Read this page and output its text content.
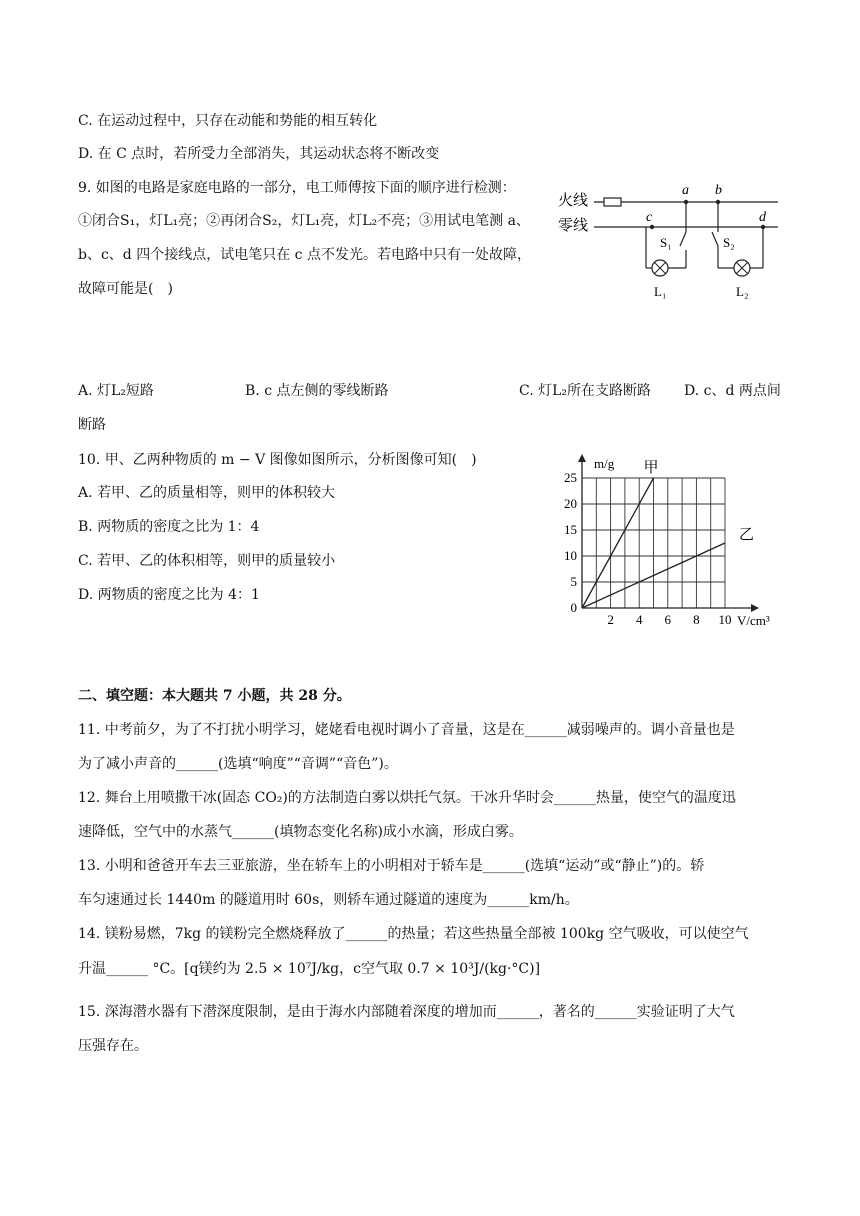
C. 在运动过程中，只存在动能和势能的相互转化
D. 在 C 点时，若所受力全部消失，其运动状态将不断改变
9. 如图的电路是家庭电路的一部分，电工师傅按下面的顺序进行检测：
①闭合S₁，灯L₁亮；②再闭合S₂，灯L₁亮，灯L₂不亮；③用试电笔测 a、
b、c、d 四个接线点，试电笔只在 c 点不发光。若电路中只有一处故障，
故障可能是(　)
火线
零线
a b
c	d
S₁
L₁
S₂
L₂
A. 灯L₂短路	B. c 点左侧的零线断路	C. 灯L₂所在支路断路 D. c、d 两点间
断路
10. 甲、乙两种物质的 m − V 图像如图所示，分析图像可知(　)
A. 若甲、乙的质量相等，则甲的体积较大
B. 两物质的密度之比为 1：4
C. 若甲、乙的体积相等，则甲的质量较小
D. 两物质的密度之比为 4：1
2 4 6 8 10
0
5
10
15
20
25
甲
乙
m/g
V/cm³
二、填空题：本大题共 7 小题，共 28 分。
11. 中考前夕，为了不打扰小明学习，姥姥看电视时调小了音量，这是在______减弱噪声的。调小音量也是
为了减小声音的______(选填“响度”“音调”“音色”)。
12. 舞台上用喷撒干冰(固态 CO₂)的方法制造白雾以烘托气氛。干冰升华时会______热量，使空气的温度迅
速降低，空气中的水蒸气______(填物态变化名称)成小水滴，形成白雾。
13. 小明和爸爸开车去三亚旅游，坐在轿车上的小明相对于轿车是______(选填“运动”或“静止”)的。轿
车匀速通过长 1440m 的隧道用时 60s，则轿车通过隧道的速度为______km/h。
14. 镁粉易燃，7kg 的镁粉完全燃烧释放了______的热量；若这些热量全部被 100kg 空气吸收，可以使空气
升温______ °C。[q镁约为 2.5 × 10⁷J/kg，c空气取 0.7 × 10³J/(kg·°C)]
15. 深海潜水器有下潜深度限制，是由于海水内部随着深度的增加而______，著名的______实验证明了大气
压强存在。
